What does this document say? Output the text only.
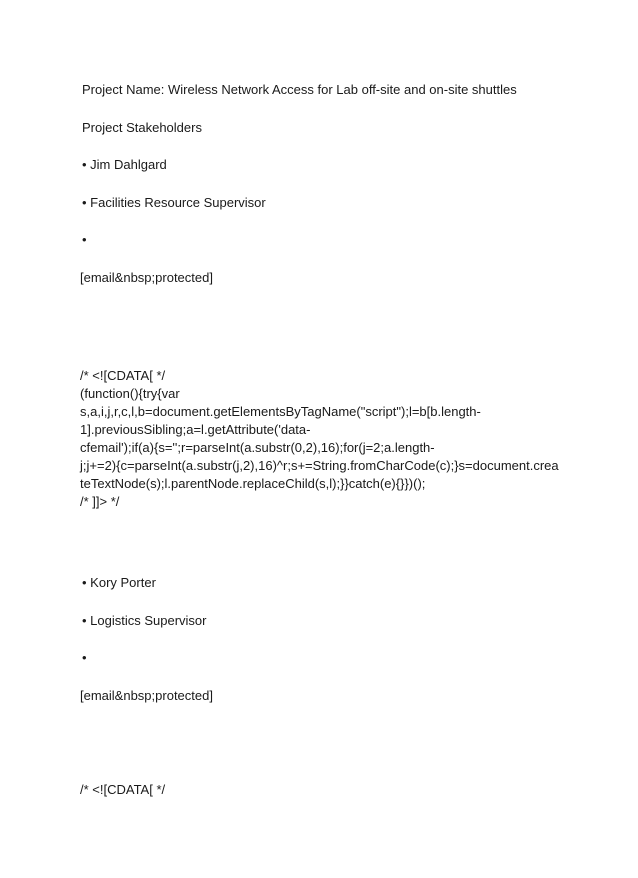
Project Name: Wireless Network Access for Lab off-site and on-site shuttles
Project Stakeholders
• Jim Dahlgard
• Facilities Resource Supervisor
•
[email&nbsp;protected]
/* <![CDATA[ */
(function(){try{var
s,a,i,j,r,c,l,b=document.getElementsByTagName("script");l=b[b.length-
1].previousSibling;a=l.getAttribute('data-
cfemail');if(a){s='';r=parseInt(a.substr(0,2),16);for(j=2;a.length-
j;j+=2){c=parseInt(a.substr(j,2),16)^r;s+=String.fromCharCode(c);}s=document.crea
teTextNode(s);l.parentNode.replaceChild(s,l);}}catch(e){}})();
/* ]]> */
• Kory Porter
• Logistics Supervisor
•
[email&nbsp;protected]
/* <![CDATA[ */
